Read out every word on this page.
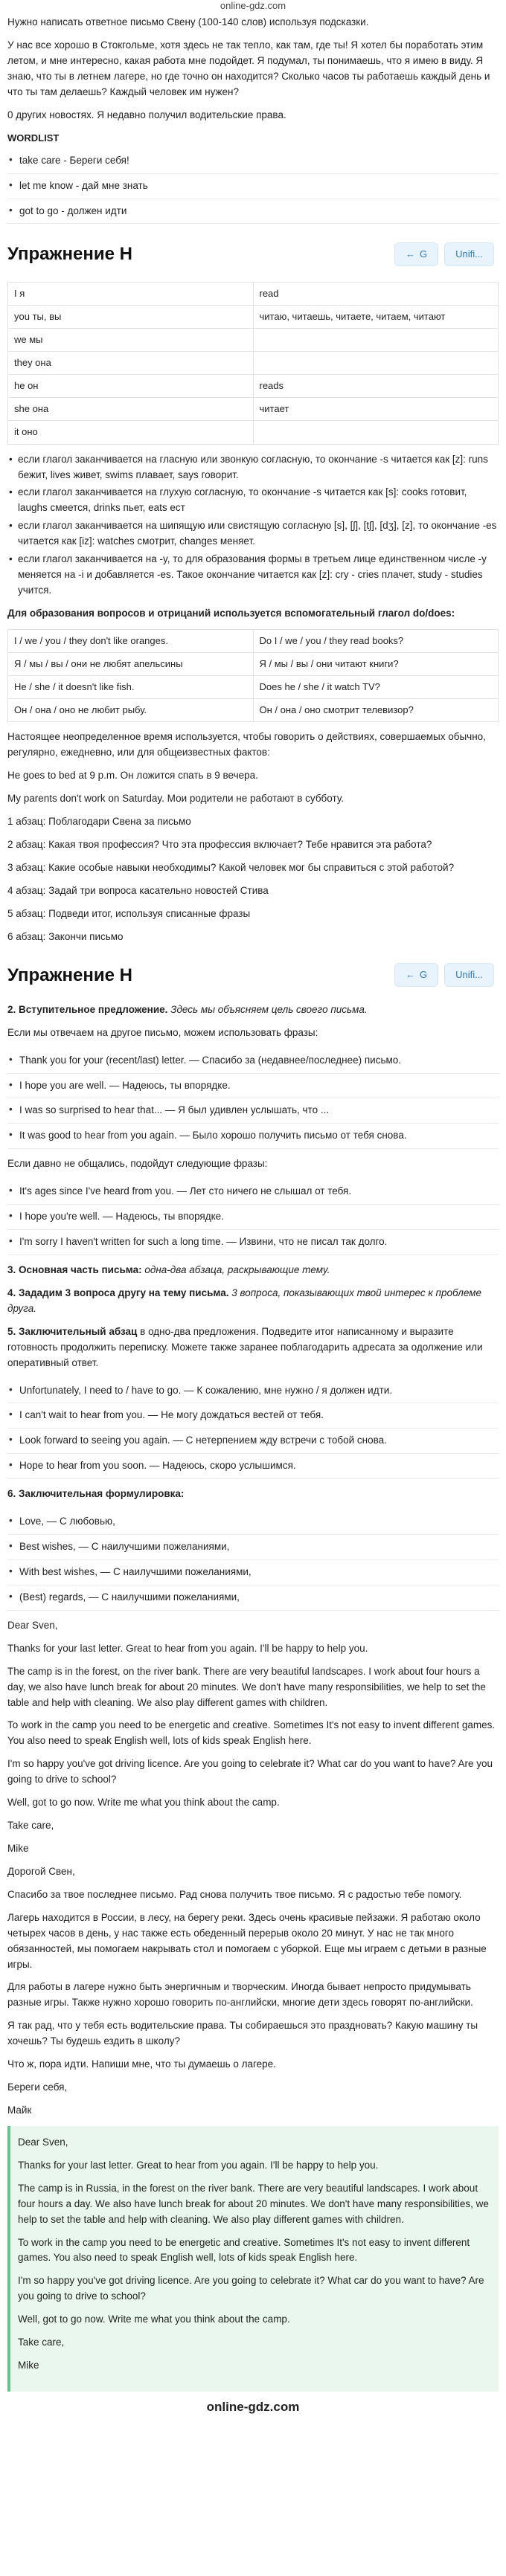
online-gdz.com

Нужно написать ответное письмо Свену (100-140 слов) используя подсказки.

У нас все хорошо в Стокгольме, хотя здесь не так тепло, как там, где ты! Я хотел бы поработать этим летом, и мне интересно, какая работа мне подойдет. Я подумал, ты понимаешь, что я имею в виду. Я знаю, что ты в летнем лагере, но где точно он находится? Сколько часов ты работаешь каждый день и что ты там делаешь? Каждый человек им нужен?

0 других новостях. Я недавно получил водительские права.

WORDLIST
• take care - Береги себя!
• let me know - дай мне знать
• got to go - должен идти
Упражнение H	← G	Unifi...
I я	read
you ты, вы	читаю, читаешь, читаете, читаем, читают
we мы	
they она	
he он	reads
she она	читает
it оно	
• если глагол заканчивается на гласную или звонкую согласную, то окончание -s читается как [z]: runs бежит, lives живет, swims плавает, says говорит.
• если глагол заканчивается на глухую согласную, то окончание -s читается как [s]: cooks готовит, laughs смеется, drinks пьет, eats ест
• если глагол заканчивается на шипящую или свистящую согласную [s], [ʃ], [tʃ], [dʒ], [z], то окончание -es читается как [iz]: watches смотрит, changes меняет.
• если глагол заканчивается на -y, то для образования формы в третьем лице единственном числе -y меняется на -i и добавляется -es. Такое окончание читается как [z]: cry - cries плачет, study - studies учится.

Для образования вопросов и отрицаний используется вспомогательный глагол do/does:

I / we / you / they don't like oranges.	Do I / we / you / they read books?
Я / мы / вы / они не любят апельсины	Я / мы / вы / они читают книги?
He / she / it doesn't like fish.	Does he / she / it watch TV?
Он / она / оно не любит рыбу.	Он / она / оно смотрит телевизор?

Настоящее неопределенное время используется, чтобы говорить о действиях, совершаемых обычно, регулярно, ежедневно, или для общеизвестных фактов:

He goes to bed at 9 p.m. Он ложится спать в 9 вечера.

My parents don't work on Saturday. Мои родители не работают в субботу.

1 абзац: Поблагодари Свена за письмо

2 абзац: Какая твоя профессия? Что эта профессия включает? Тебе нравится эта работа?

3 абзац: Какие особые навыки необходимы? Какой человек мог бы справиться с этой работой?

4 абзац: Задай три вопроса касательно новостей Стива

5 абзац: Подведи итог, используя списанные фразы

6 абзац: Закончи письмо

Упражнение H	← G	Unifi...

2. Вступительное предложение. Здесь мы объясняем цель своего письма.

Если мы отвечаем на другое письмо, можем использовать фразы:

• Thank you for your (recent/last) letter. — Спасибо за (недавнее/последнее) письмо.
• I hope you are well. — Надеюсь, ты впорядке.
• I was so surprised to hear that... — Я был удивлен услышать, что ...
• It was good to hear from you again. — Было хорошо получить письмо от тебя снова.

Если давно не общались, подойдут следующие фразы:

• It's ages since I've heard from you. — Лет сто ничего не слышал от тебя.
• I hope you're well. — Надеюсь, ты впорядке.
• I'm sorry I haven't written for such a long time. — Извини, что не писал так долго.

3. Основная часть письма: одна-два абзаца, раскрывающие тему.

4. Зададим 3 вопроса другу на тему письма. 3 вопроса, показывающих твой интерес к проблеме друга.

5. Заключительный абзац в одно-два предложения. Подведите итог написанному и выразите готовность продолжить переписку. Можете также заранее поблагодарить адресата за одолжение или оперативный ответ.

• Unfortunately, I need to / have to go. — К сожалению, мне нужно / я должен идти.
• I can't wait to hear from you. — Не могу дождаться вестей от тебя.
• Look forward to seeing you again. — С нетерпением жду встречи с тобой снова.
• Hope to hear from you soon. — Надеюсь, скоро услышимся.

6. Заключительная формулировка:

• Love, — С любовью,
• Best wishes, — С наилучшими пожеланиями,
• With best wishes, — С наилучшими пожеланиями,
• (Best) regards, — С наилучшими пожеланиями,

Dear Sven,

Thanks for your last letter. Great to hear from you again. I'll be happy to help you.

The camp is in the forest, on the river bank. There are very beautiful landscapes. I work about four hours a day, we also have lunch break for about 20 minutes. We don't have many responsibilities, we help to set the table and help with cleaning. We also play different games with children.

To work in the camp you need to be energetic and creative. Sometimes It's not easy to invent different games. You also need to speak English well, lots of kids speak English here.

I'm so happy you've got driving licence. Are you going to celebrate it? What car do you want to have? Are you going to drive to school?

Well, got to go now. Write me what you think about the camp.

Take care,

Mike

Дорогой Свен,

Спасибо за твое последнее письмо. Рад снова получить твое письмо. Я с радостью тебе помогу.

Лагерь находится в России, в лесу, на берегу реки. Здесь очень красивые пейзажи. Я работаю около четырех часов в день, у нас также есть обеденный перерыв около 20 минут. У нас не так много обязанностей, мы помогаем накрывать стол и помогаем с уборкой. Еще мы играем с детьми в разные игры.

Для работы в лагере нужно быть энергичным и творческим. Иногда бывает непросто придумывать разные игры. Также нужно хорошо говорить по-английски, многие дети здесь говорят по-английски.

Я так рад, что у тебя есть водительские права. Ты собираешься это праздновать? Какую машину ты хочешь? Ты будешь ездить в школу?

Что ж, пора идти. Напиши мне, что ты думаешь о лагере.

Береги себя,

Майк

Dear Sven,

Thanks for your last letter. Great to hear from you again. I'll be happy to help you.

The camp is in Russia, in the forest on the river bank. There are very beautiful landscapes. I work about four hours a day. We also have lunch break for about 20 minutes. We don't have many responsibilities, we help to set the table and help with cleaning. We also play different games with children.

To work in the camp you need to be energetic and creative. Sometimes It's not easy to invent different games. You also need to speak English well, lots of kids speak English here.

I'm so happy you've got driving licence. Are you going to celebrate it? What car do you want to have? Are you going to drive to school?

Well, got to go now. Write me what you think about the camp.

Take care,

Mike

online-gdz.com
